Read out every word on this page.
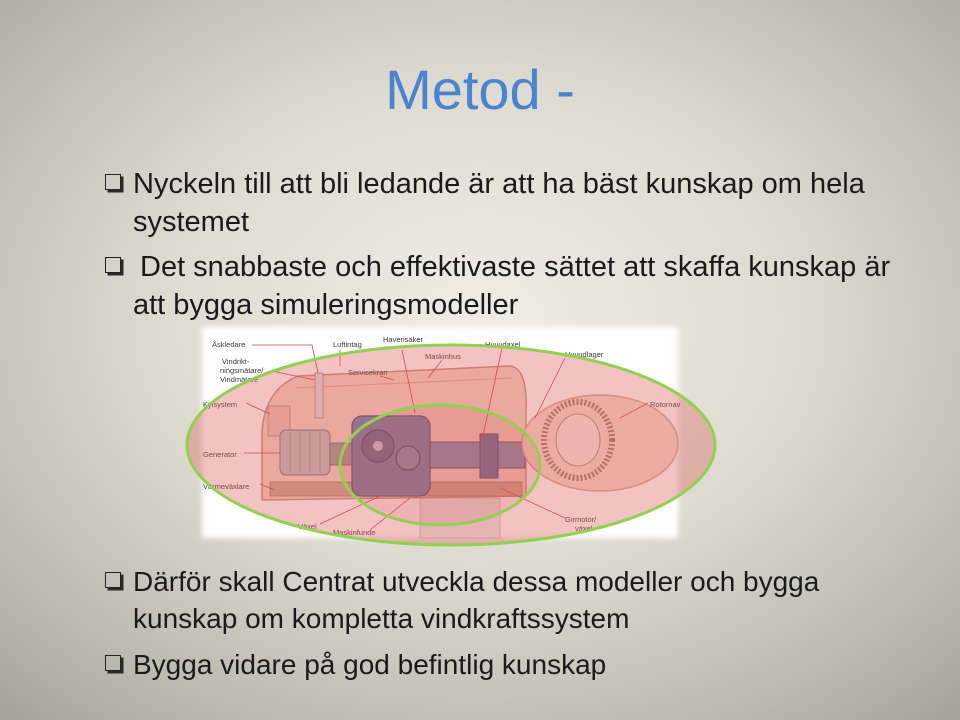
Metod -
Nyckeln till att bli ledande är att ha bäst kunskap om hela
systemet
Det snabbaste och effektivaste sättet att skaffa kunskap är
att bygga simuleringsmodeller
Åskledare
Vindrikt-
ningsmätare/
Vindmätare
Luftintag
Haverisäker
Maskinhus
Huvudaxel
Huvudlager
Servicekran
Kylsystem	Rotornav
Generator
Värmeväxlare
Växel
Maskinfunde
Girmotor/
växel
Därför skall Centrat utveckla dessa modeller och bygga
kunskap om kompletta vindkraftssystem
Bygga vidare på god befintlig kunskap
